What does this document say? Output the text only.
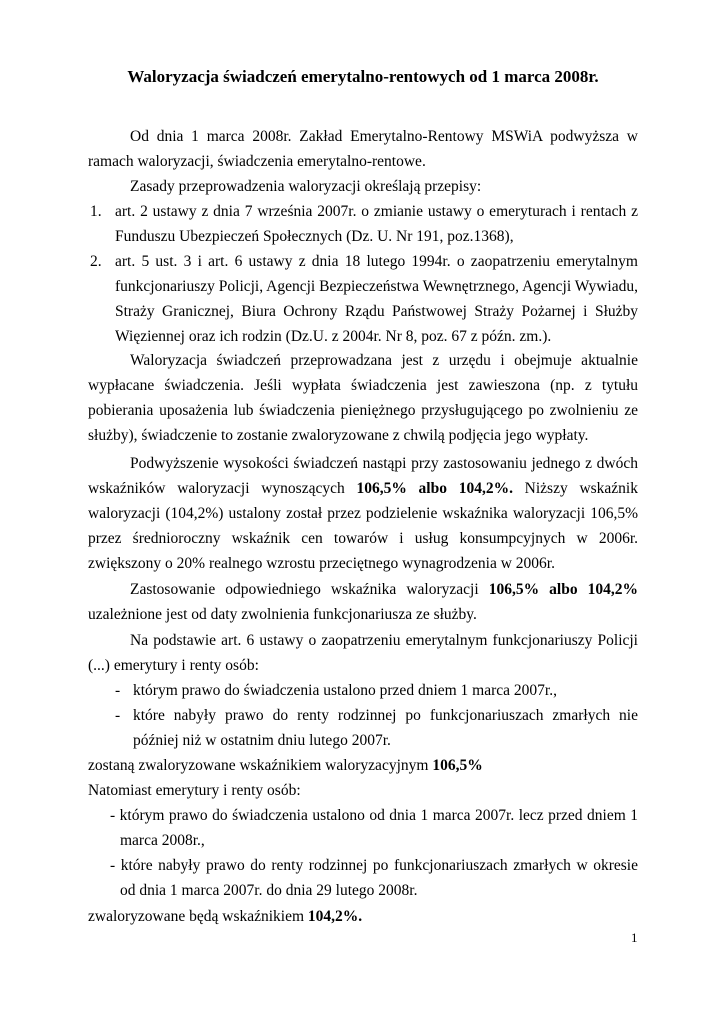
Waloryzacja świadczeń emerytalno-rentowych od 1 marca 2008r.
Od dnia 1 marca 2008r. Zakład Emerytalno-Rentowy MSWiA podwyższa w ramach waloryzacji, świadczenia emerytalno-rentowe.
Zasady przeprowadzenia waloryzacji określają przepisy:
1. art. 2 ustawy z dnia 7 września 2007r. o zmianie ustawy o emeryturach i rentach z Funduszu Ubezpieczeń Społecznych (Dz. U. Nr 191, poz.1368),
2. art. 5 ust. 3 i art. 6 ustawy z dnia 18 lutego 1994r. o zaopatrzeniu emerytalnym funkcjonariuszy Policji, Agencji Bezpieczeństwa Wewnętrznego, Agencji Wywiadu, Straży Granicznej, Biura Ochrony Rządu Państwowej Straży Pożarnej i Służby Więziennej oraz ich rodzin (Dz.U. z 2004r. Nr 8, poz. 67 z późn. zm.).
Waloryzacja świadczeń przeprowadzana jest z urzędu i obejmuje aktualnie wypłacane świadczenia. Jeśli wypłata świadczenia jest zawieszona (np. z tytułu pobierania uposażenia lub świadczenia pieniężnego przysługującego po zwolnieniu ze służby), świadczenie to zostanie zwaloryzowane z chwilą podjęcia jego wypłaty.
Podwyższenie wysokości świadczeń nastąpi przy zastosowaniu jednego z dwóch wskaźników waloryzacji wynoszących 106,5% albo 104,2%. Niższy wskaźnik waloryzacji (104,2%) ustalony został przez podzielenie wskaźnika waloryzacji 106,5% przez średnioroczny wskaźnik cen towarów i usług konsumpcyjnych w 2006r. zwiększony o 20% realnego wzrostu przeciętnego wynagrodzenia w 2006r.
Zastosowanie odpowiedniego wskaźnika waloryzacji 106,5% albo 104,2% uzależnione jest od daty zwolnienia funkcjonariusza ze służby.
Na podstawie art. 6 ustawy o zaopatrzeniu emerytalnym funkcjonariuszy Policji (...) emerytury i renty osób:
- którym prawo do świadczenia ustalono przed dniem 1 marca 2007r.,
- które nabyły prawo do renty rodzinnej po funkcjonariuszach zmarłych nie później niż w ostatnim dniu lutego 2007r.
zostaną zwaloryzowane wskaźnikiem waloryzacyjnym 106,5%
Natomiast emerytury i renty osób:
- którym prawo do świadczenia ustalono od dnia 1 marca 2007r. lecz przed dniem 1 marca 2008r.,
- które nabyły prawo do renty rodzinnej po funkcjonariuszach zmarłych w okresie od dnia 1 marca 2007r. do dnia 29 lutego 2008r.
zwaloryzowane będą wskaźnikiem 104,2%.
1
